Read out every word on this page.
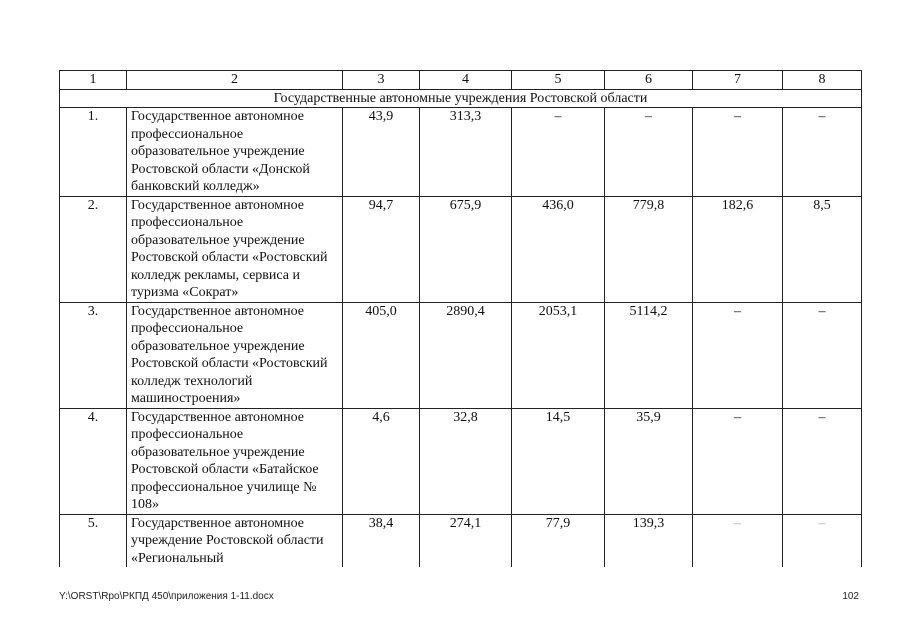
1	2	3	4	5	6	7	8
Государственные автономные учреждения Ростовской области							
1.	Государственное автономное профессиональное образовательное учреждение Ростовской области «Донской банковский колледж»	43,9	313,3	–	–	–	–
2.	Государственное автономное профессиональное образовательное учреждение Ростовской области «Ростовский колледж рекламы, сервиса и туризма «Сократ»	94,7	675,9	436,0	779,8	182,6	8,5
3.	Государственное автономное профессиональное образовательное учреждение Ростовской области «Ростовский колледж технологий машиностроения»	405,0	2890,4	2053,1	5114,2	–	–
4.	Государственное автономное профессиональное образовательное учреждение Ростовской области «Батайское профессиональное училище № 108»	4,6	32,8	14,5	35,9	–	–
5.	Государственное автономное учреждение Ростовской области «Региональный	38,4	274,1	77,9	139,3	–	–
Y:\ORST\Rpo\РКПД 450\приложения 1-11.docx	102
